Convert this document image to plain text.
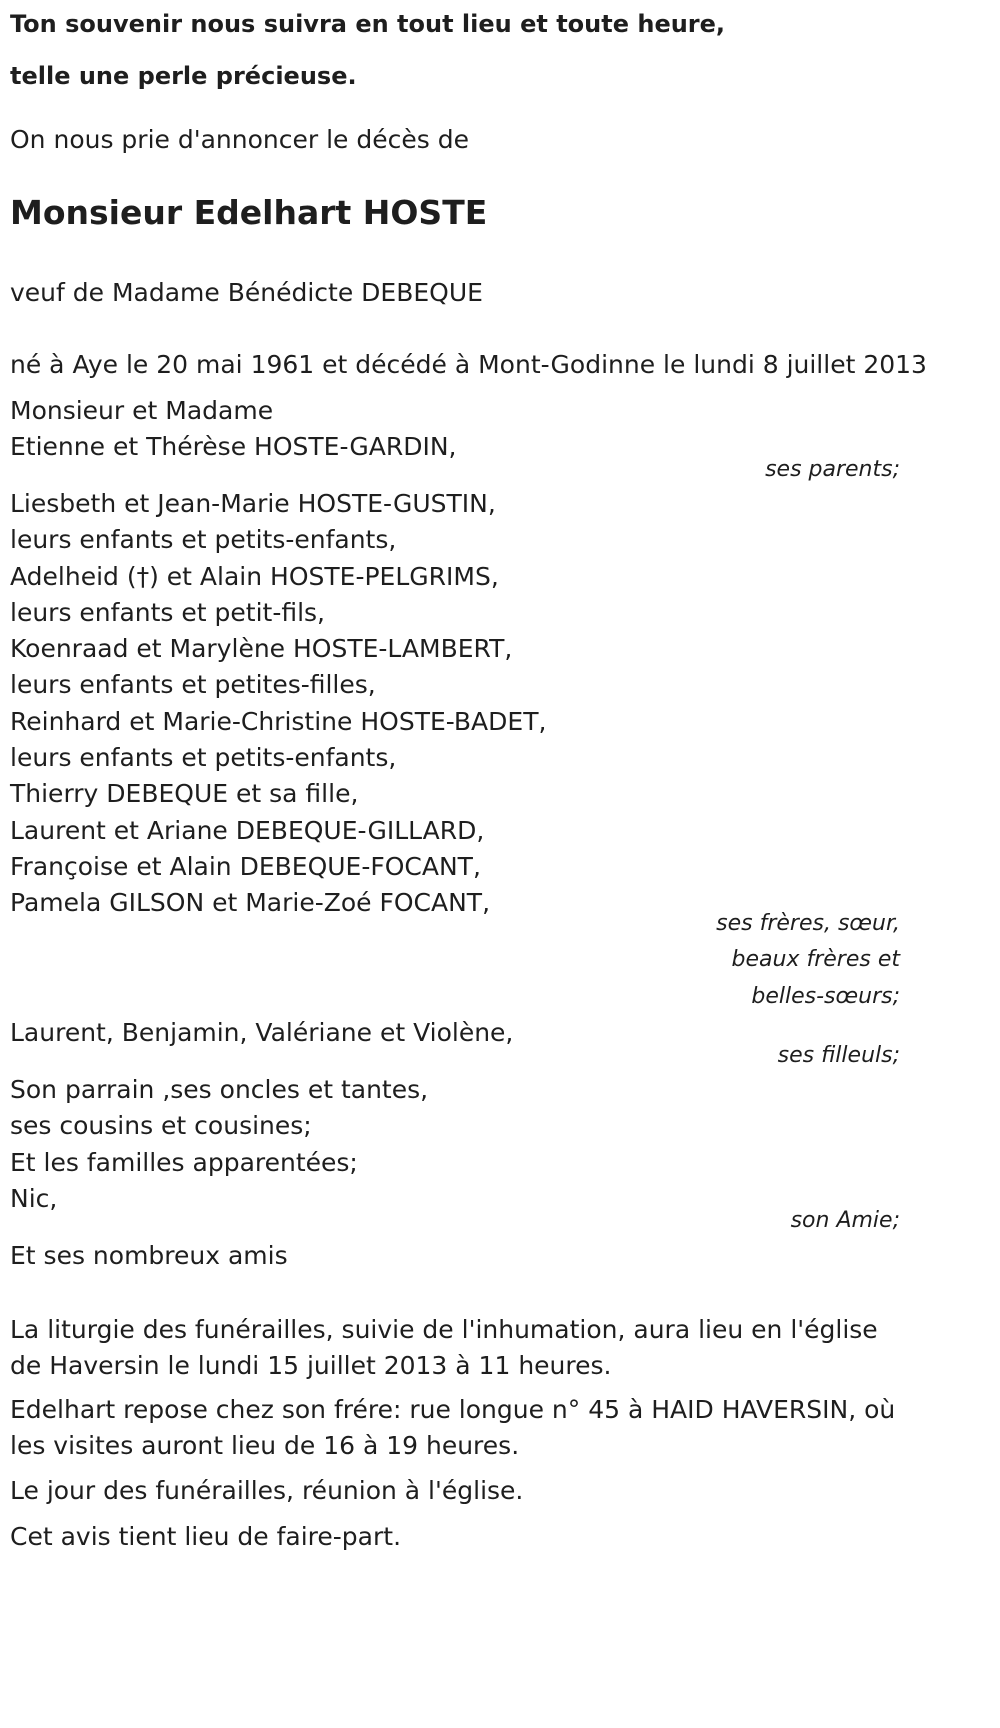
Ton souvenir nous suivra en tout lieu et toute heure,
telle une perle précieuse.
On nous prie d'annoncer le décès de
Monsieur Edelhart HOSTE
veuf de Madame Bénédicte DEBEQUE
né à Aye le 20 mai 1961 et décédé à Mont-Godinne le lundi 8 juillet 2013
Monsieur et Madame
Etienne et Thérèse HOSTE-GARDIN,
ses parents;
Liesbeth et Jean-Marie HOSTE-GUSTIN,
leurs enfants et petits-enfants,
Adelheid (†) et Alain HOSTE-PELGRIMS,
leurs enfants et petit-fils,
Koenraad et Marylène HOSTE-LAMBERT,
leurs enfants et petites-filles,
Reinhard et Marie-Christine HOSTE-BADET,
leurs enfants et petits-enfants,
Thierry DEBEQUE et sa fille,
Laurent et Ariane DEBEQUE-GILLARD,
Françoise et Alain DEBEQUE-FOCANT,
Pamela GILSON et Marie-Zoé FOCANT,
ses frères, sœur,
beaux frères et
belles-sœurs;
Laurent, Benjamin, Valériane et Violène,
ses filleuls;
Son parrain ,ses oncles et tantes,
ses cousins et cousines;
Et les familles apparentées;
Nic,
son Amie;
Et ses nombreux amis
La liturgie des funérailles, suivie de l'inhumation, aura lieu en l'église de Haversin le lundi 15 juillet 2013 à 11 heures.
Edelhart repose chez son frére: rue longue n° 45 à HAID HAVERSIN, où les visites auront lieu de 16 à 19 heures.
Le jour des funérailles, réunion à l'église.
Cet avis tient lieu de faire-part.
